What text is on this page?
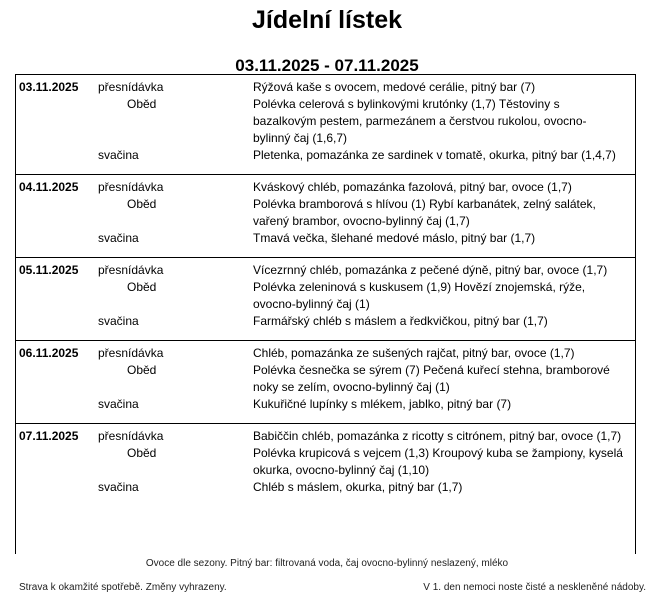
Jídelní lístek
03.11.2025 - 07.11.2025
03.11.2025	přesnídávka	Rýžová kaše s ovocem, medové cerálie, pitný bar (7)
Oběd	Polévka celerová s bylinkovými krutónky (1,7) Těstoviny s bazalkovým pestem, parmezánem a čerstvou rukolou, ovocno-bylinný čaj (1,6,7)
svačina	Pletenka, pomazánka ze sardinek v tomatě, okurka, pitný bar (1,4,7)
04.11.2025	přesnídávka	Kváskový chléb, pomazánka fazolová, pitný bar, ovoce (1,7)
Oběd	Polévka bramborová s hlívou (1) Rybí karbanátek, zelný salátek, vařený brambor, ovocno-bylinný čaj (1,7)
svačina	Tmavá večka, šlehané medové máslo, pitný bar (1,7)
05.11.2025	přesnídávka	Vícezrnný chléb, pomazánka z pečené dýně, pitný bar, ovoce (1,7)
Oběd	Polévka zeleninová s kuskusem (1,9) Hovězí znojemská, rýže, ovocno-bylinný čaj (1)
svačina	Farmářský chléb s máslem a ředkvičkou, pitný bar (1,7)
06.11.2025	přesnídávka	Chléb, pomazánka ze sušených rajčat, pitný bar, ovoce (1,7)
Oběd	Polévka česnečka se sýrem (7) Pečená kuřecí stehna, bramborové noky se zelím, ovocno-bylinný čaj (1)
svačina	Kukuřičné lupínky s mlékem, jablko, pitný bar (7)
07.11.2025	přesnídávka	Babiččin chléb, pomazánka z ricotty s citrónem, pitný bar, ovoce (1,7)
Oběd	Polévka krupicová s vejcem (1,3) Kroupový kuba se žampiony, kyselá okurka, ovocno-bylinný čaj (1,10)
svačina	Chléb s máslem, okurka, pitný bar (1,7)
Ovoce dle sezony. Pitný bar: filtrovaná voda, čaj ovocno-bylinný neslazený, mléko
Strava k okamžité spotřebě. Změny vyhrazeny.	V 1. den nemoci noste čisté a neskleněné nádoby.
